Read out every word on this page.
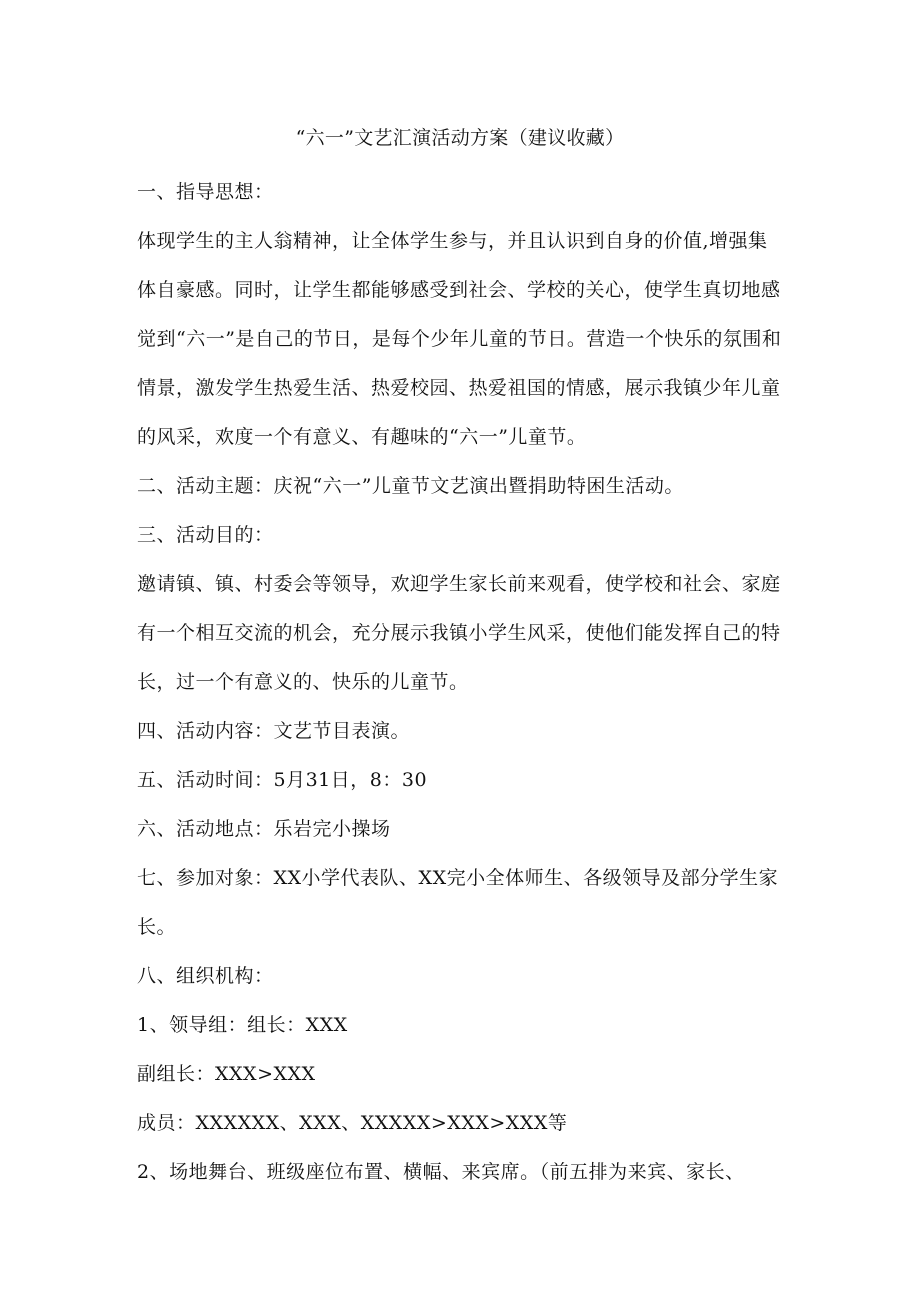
“六一”文艺汇演活动方案（建议收藏）

一、指导思想：

体现学生的主人翁精神，让全体学生参与，并且认识到自身的价值,增强集体自豪感。同时，让学生都能够感受到社会、学校的关心，使学生真切地感觉到“六一”是自己的节日，是每个少年儿童的节日。营造一个快乐的氛围和情景，激发学生热爱生活、热爱校园、热爱祖国的情感，展示我镇少年儿童的风采，欢度一个有意义、有趣味的“六一”儿童节。

二、活动主题：庆祝“六一”儿童节文艺演出暨捐助特困生活动。

三、活动目的：

邀请镇、镇、村委会等领导，欢迎学生家长前来观看，使学校和社会、家庭有一个相互交流的机会，充分展示我镇小学生风采，使他们能发挥自己的特长，过一个有意义的、快乐的儿童节。

四、活动内容：文艺节目表演。

五、活动时间：5月31日，8：30

六、活动地点：乐岩完小操场

七、参加对象：XX小学代表队、XX完小全体师生、各级领导及部分学生家长。

八、组织机构：

1、领导组：组长：XXX

副组长：XXX>XXX

成员：XXXXXX、XXX、XXXXX>XXX>XXX等

2、场地舞台、班级座位布置、横幅、来宾席。（前五排为来宾、家长、
